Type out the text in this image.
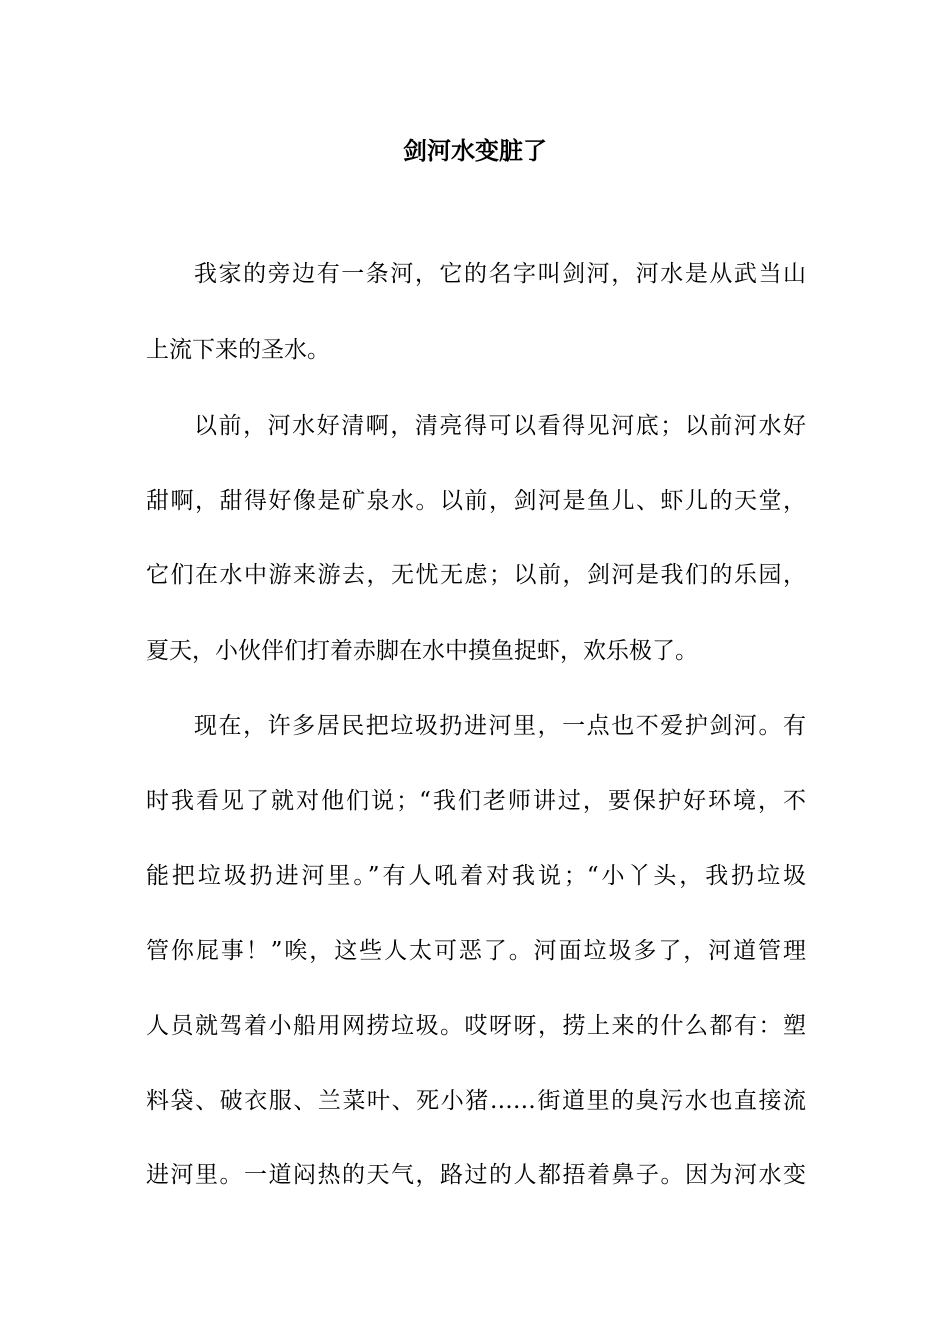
剑河水变脏了
我家的旁边有一条河，它的名字叫剑河，河水是从武当山
上流下来的圣水。
以前，河水好清啊，清亮得可以看得见河底；以前河水好
甜啊，甜得好像是矿泉水。以前，剑河是鱼儿、虾儿的天堂，
它们在水中游来游去，无忧无虑；以前，剑河是我们的乐园，
夏天，小伙伴们打着赤脚在水中摸鱼捉虾，欢乐极了。
现在，许多居民把垃圾扔进河里，一点也不爱护剑河。有
时我看见了就对他们说；“我们老师讲过，要保护好环境，不
能把垃圾扔进河里。”有人吼着对我说；“小丫头，我扔垃圾
管你屁事！”唉，这些人太可恶了。河面垃圾多了，河道管理
人员就驾着小船用网捞垃圾。哎呀呀，捞上来的什么都有：塑
料袋、破衣服、兰菜叶、死小猪……街道里的臭污水也直接流
进河里。一道闷热的天气，路过的人都捂着鼻子。因为河水变
